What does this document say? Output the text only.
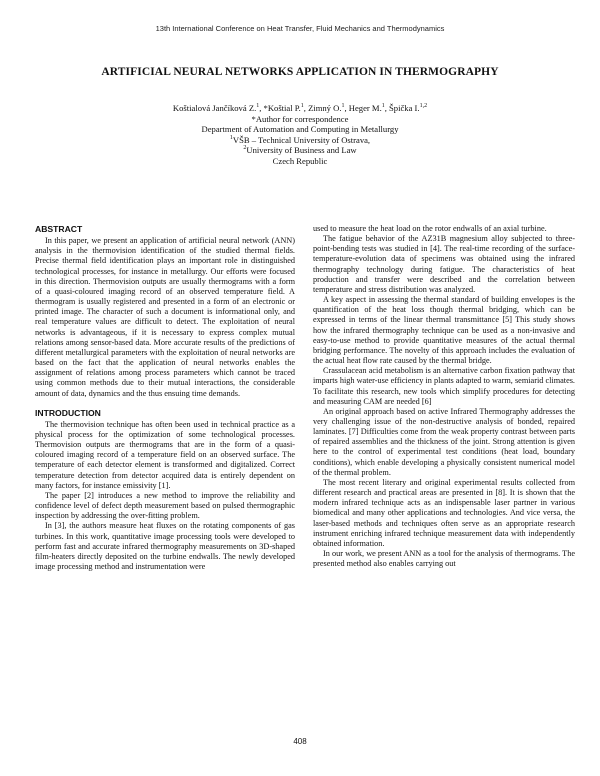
13th International Conference on Heat Transfer, Fluid Mechanics and Thermodynamics
ARTIFICIAL NEURAL NETWORKS APPLICATION IN THERMOGRAPHY
Koštialová Jančíková Z.$^1$, *Koštial P.$^1$, Zimný O.$^1$, Heger M.$^1$, Špička I.$^{1,2}$
*Author for correspondence
Department of Automation and Computing in Metallurgy
$^1$VŠB – Technical University of Ostrava,
$^2$University of Business and Law
Czech Republic
ABSTRACT

In this paper, we present an application of artificial neural network (ANN) analysis in the thermovision identification of the studied thermal fields. Precise thermal field identification plays an important role in distinguished technological processes, for instance in metallurgy. Our efforts were focused in this direction. Thermovision outputs are usually thermograms with a form of a quasi-coloured imaging record of an observed temperature field. A thermogram is usually registered and presented in a form of an electronic or printed image. The character of such a document is informational only, and real temperature values are difficult to detect. The exploitation of neural networks is advantageous, if it is necessary to express complex mutual relations among sensor-based data. More accurate results of the predictions of different metallurgical parameters with the exploitation of neural networks are based on the fact that the application of neural networks enables the assignment of relations among process parameters which cannot be traced using common methods due to their mutual interactions, the considerable amount of data, dynamics and the thus ensuing time demands.

INTRODUCTION

The thermovision technique has often been used in technical practice as a physical process for the optimization of some technological processes. Thermovision outputs are thermograms that are in the form of a quasi-coloured imaging record of a temperature field on an observed surface. The temperature of each detector element is transformed and digitalized. Correct temperature detection from detector acquired data is entirely dependent on many factors, for instance emissivity [1].

The paper [2] introduces a new method to improve the reliability and confidence level of defect depth measurement based on pulsed thermographic inspection by addressing the over-fitting problem.

In [3], the authors measure heat fluxes on the rotating components of gas turbines. In this work, quantitative image processing tools were developed to perform fast and accurate infrared thermography measurements on 3D-shaped film-heaters directly deposited on the turbine endwalls. The newly developed image processing method and instrumentation were

used to measure the heat load on the rotor endwalls of an axial turbine.

The fatigue behavior of the AZ31B magnesium alloy subjected to three-point-bending tests was studied in [4]. The real-time recording of the surface-temperature-evolution data of specimens was obtained using the infrared thermography technology during fatigue. The characteristics of heat production and transfer were described and the correlation between temperature and stress distribution was analyzed.

A key aspect in assessing the thermal standard of building envelopes is the quantification of the heat loss though thermal bridging, which can be expressed in terms of the linear thermal transmittance [5] This study shows how the infrared thermography technique can be used as a non-invasive and easy-to-use method to provide quantitative measures of the actual thermal bridging performance. The novelty of this approach includes the evaluation of the actual heat flow rate caused by the thermal bridge.

Crassulacean acid metabolism is an alternative carbon fixation pathway that imparts high water-use efficiency in plants adapted to warm, semiarid climates. To facilitate this research, new tools which simplify procedures for detecting and measuring CAM are needed [6]

An original approach based on active Infrared Thermography addresses the very challenging issue of the non-destructive analysis of bonded, repaired laminates. [7] Difficulties come from the weak property contrast between parts of repaired assemblies and the thickness of the joint. Strong attention is given here to the control of experimental test conditions (heat load, boundary conditions), which enable developing a physically consistent numerical model of the thermal problem.

The most recent literary and original experimental results collected from different research and practical areas are presented in [8]. It is shown that the modern infrared technique acts as an indispensable laser partner in various biomedical and many other applications and technologies. And vice versa, the laser-based methods and techniques often serve as an appropriate research instrument enriching infrared technique measurement data with independently obtained information.

In our work, we present ANN as a tool for the analysis of thermograms. The presented method also enables carrying out

408
